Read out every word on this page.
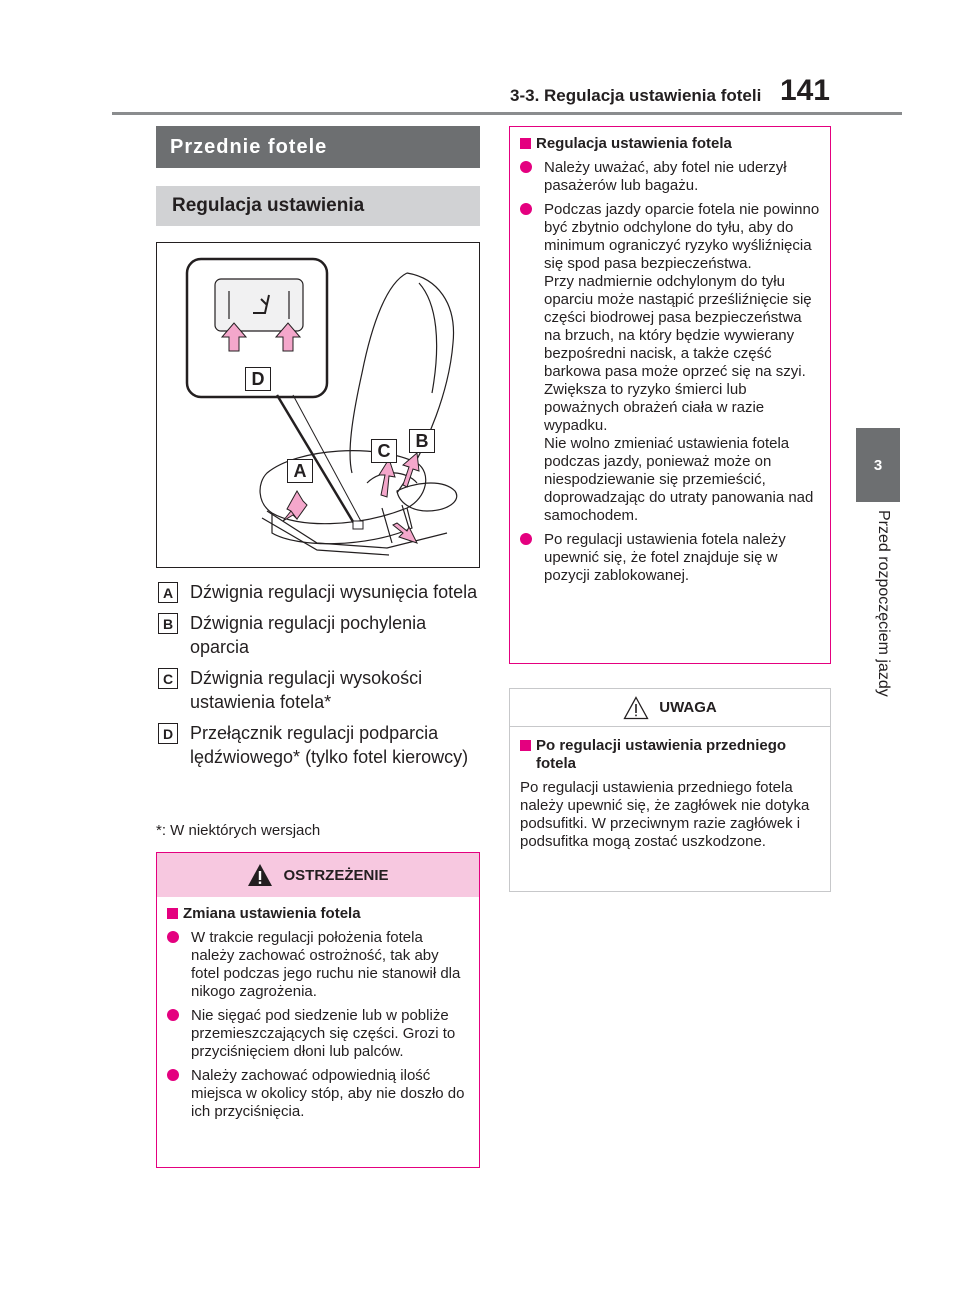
3-3. Regulacja ustawienia foteli 141
3
Przed rozpoczęciem jazdy
Przednie fotele
Regulacja ustawienia
D
A
C	B
A Dźwignia regulacji wysunięcia fotela
B Dźwignia regulacji pochylenia oparcia
C Dźwignia regulacji wysokości ustawienia fotela*
D Przełącznik regulacji podparcia lędźwiowego* (tylko fotel kierowcy)
*: W niektórych wersjach
OSTRZEŻENIE
Zmiana ustawienia fotela
W trakcie regulacji położenia fotela należy zachować ostrożność, tak aby fotel podczas jego ruchu nie stanowił dla nikogo zagrożenia.
Nie sięgać pod siedzenie lub w pobliże przemieszczających się części. Grozi to przyciśnięciem dłoni lub palców.
Należy zachować odpowiednią ilość miejsca w okolicy stóp, aby nie doszło do ich przyciśnięcia.
Regulacja ustawienia fotela
Należy uważać, aby fotel nie uderzył pasażerów lub bagażu.
Podczas jazdy oparcie fotela nie powinno być zbytnio odchylone do tyłu, aby do minimum ograniczyć ryzyko wyśliźnięcia się spod pasa bezpieczeństwa.
Przy nadmiernie odchylonym do tyłu oparciu może nastąpić prześliźnięcie się części biodrowej pasa bezpieczeństwa na brzuch, na który będzie wywierany bezpośredni nacisk, a także część barkowa pasa może oprzeć się na szyi. Zwiększa to ryzyko śmierci lub poważnych obrażeń ciała w razie wypadku.
Nie wolno zmieniać ustawienia fotela podczas jazdy, ponieważ może on niespodziewanie się przemieścić, doprowadzając do utraty panowania nad samochodem.
Po regulacji ustawienia fotela należy upewnić się, że fotel znajduje się w pozycji zablokowanej.
UWAGA
Po regulacji ustawienia przedniego fotela
Po regulacji ustawienia przedniego fotela należy upewnić się, że zagłówek nie dotyka podsufitki. W przeciwnym razie zagłówek i podsufitka mogą zostać uszkodzone.
